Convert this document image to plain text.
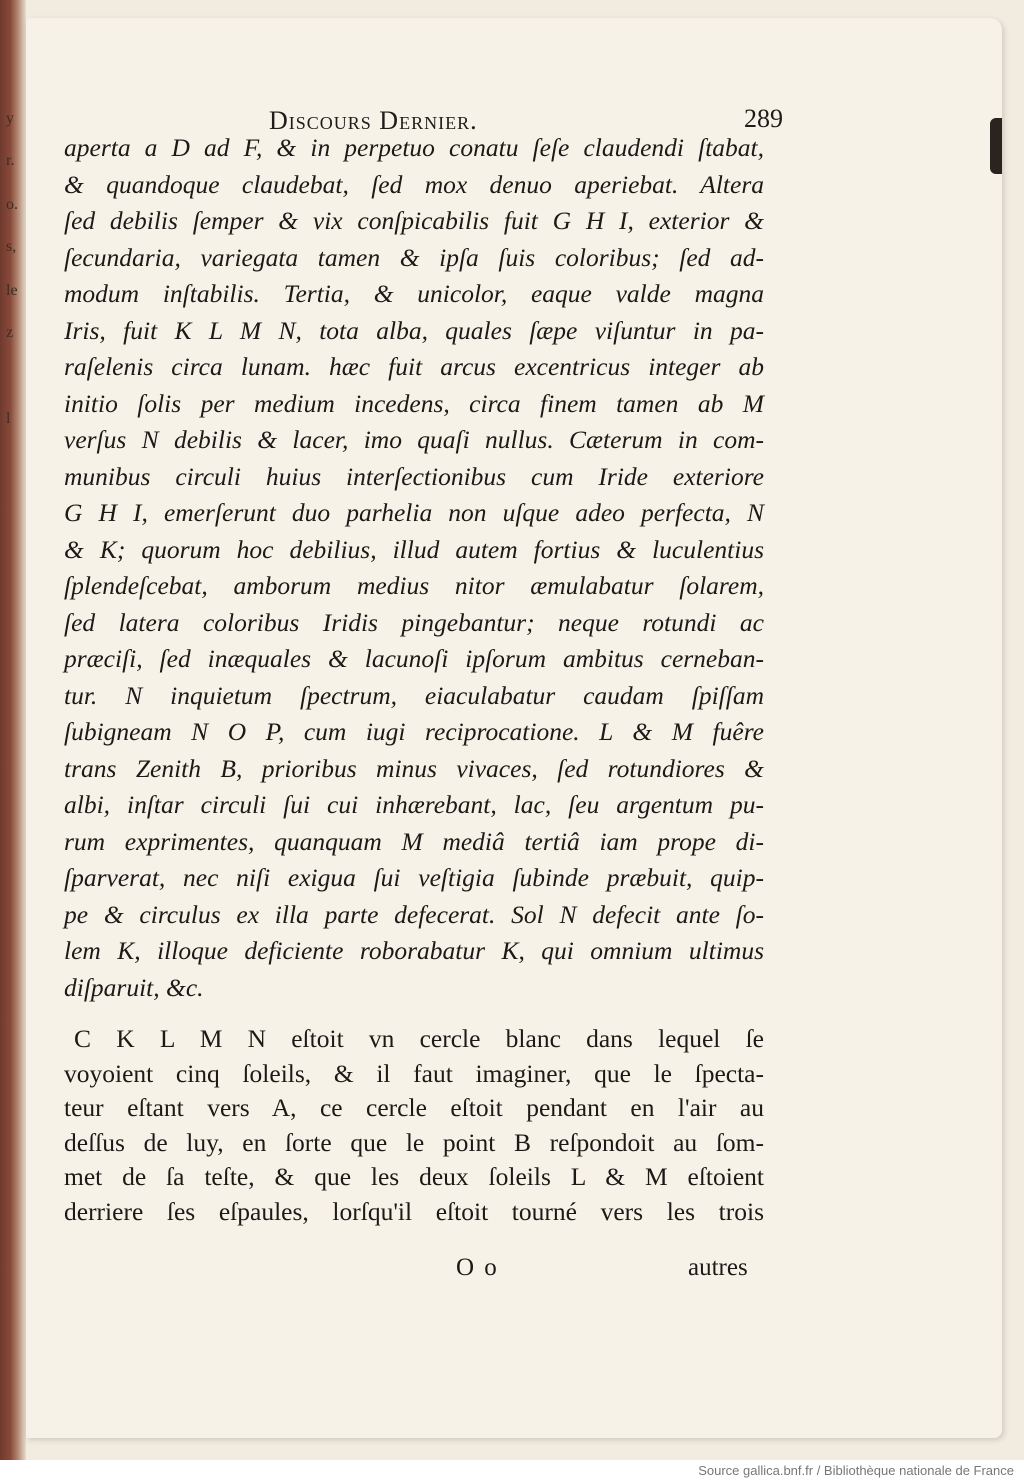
y
r.
o.
s,
le
z
l
Discours Dernier.	289
aperta a D ad F, & in perpetuo conatu ſeſe claudendi ſtabat,
& quandoque claudebat, ſed mox denuo aperiebat. Altera
ſed debilis ſemper & vix conſpicabilis fuit G H I, exterior &
ſecundaria, variegata tamen & ipſa ſuis coloribus; ſed ad-
modum inſtabilis. Tertia, & unicolor, eaque valde magna
Iris, fuit K L M N, tota alba, quales ſæpe viſuntur in pa-
raſelenis circa lunam. hæc fuit arcus excentricus integer ab
initio ſolis per medium incedens, circa finem tamen ab M
verſus N debilis & lacer, imo quaſi nullus. Cæterum in com-
munibus circuli huius interſectionibus cum Iride exteriore
G H I, emerſerunt duo parhelia non uſque adeo perfecta, N
& K; quorum hoc debilius, illud autem fortius & luculentius
ſplendeſcebat, amborum medius nitor æmulabatur ſolarem,
ſed latera coloribus Iridis pingebantur; neque rotundi ac
præciſi, ſed inæquales & lacunoſi ipſorum ambitus cerneban-
tur. N inquietum ſpectrum, eiaculabatur caudam ſpiſſam
ſubigneam N O P, cum iugi reciprocatione. L & M fuêre
trans Zenith B, prioribus minus vivaces, ſed rotundiores &
albi, inſtar circuli ſui cui inhærebant, lac, ſeu argentum pu-
rum exprimentes, quanquam M mediâ tertiâ iam prope di-
ſparverat, nec niſi exigua ſui veſtigia ſubinde præbuit, quip-
pe & circulus ex illa parte defecerat. Sol N defecit ante ſo-
lem K, illoque deficiente roborabatur K, qui omnium ultimus
diſparuit, &c.
C K L M N eſtoit vn cercle blanc dans lequel ſe
voyoient cinq ſoleils, & il faut imaginer, que le ſpecta-
teur eſtant vers A, ce cercle eſtoit pendant en l'air au
deſſus de luy, en ſorte que le point B reſpondoit au ſom-
met de ſa teſte, & que les deux ſoleils L & M eſtoient
derriere ſes eſpaules, lorſqu'il eſtoit tourné vers les trois
O o	autres
Source gallica.bnf.fr / Bibliothèque nationale de France
